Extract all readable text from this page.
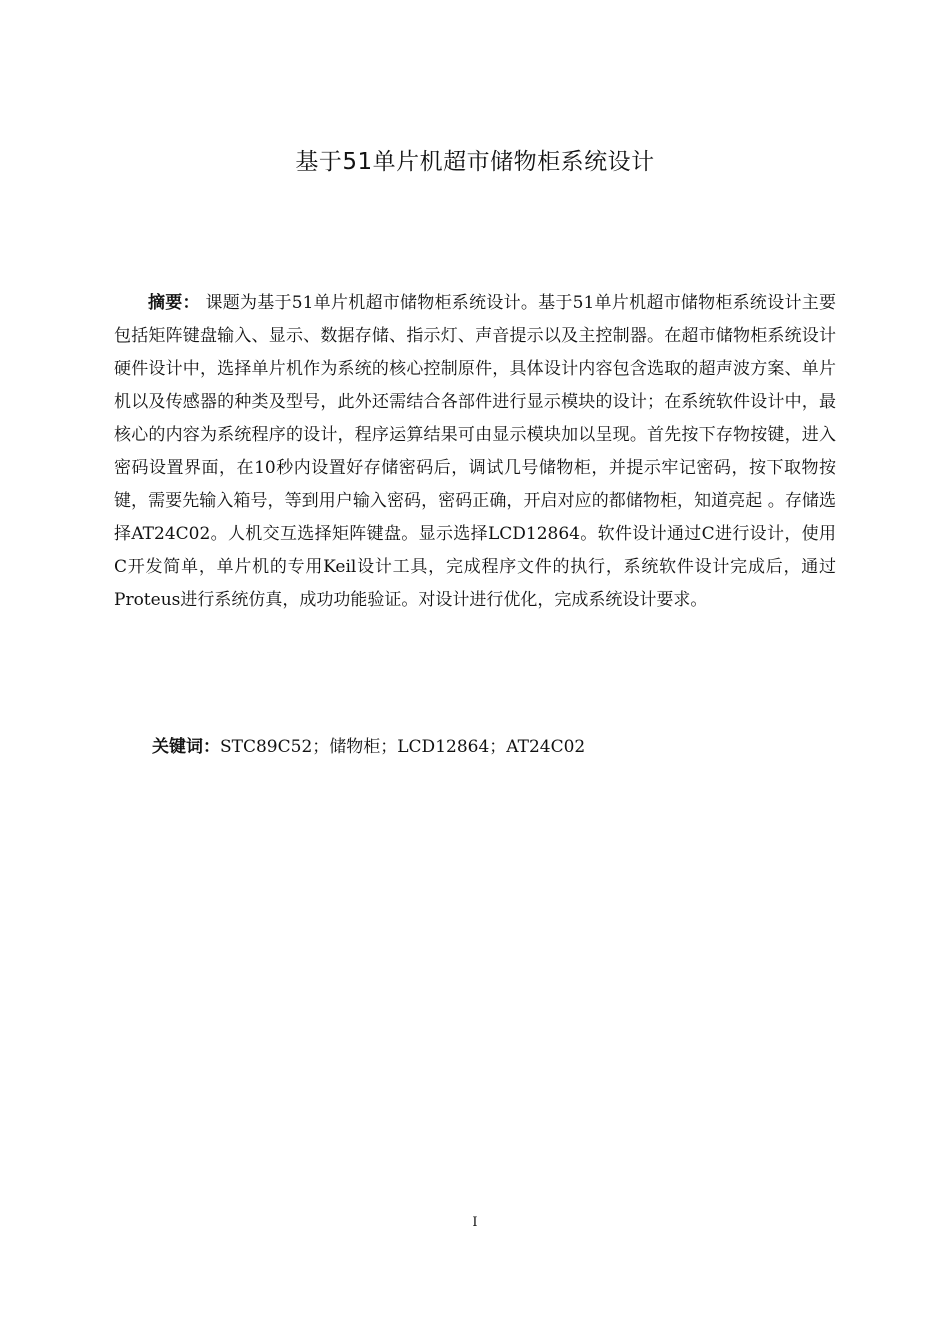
基于51单片机超市储物柜系统设计

摘要： 课题为基于51单片机超市储物柜系统设计。基于51单片机超市储物柜系统设计主要包括矩阵键盘输入、显示、数据存储、指示灯、声音提示以及主控制器。在超市储物柜系统设计硬件设计中，选择单片机作为系统的核心控制原件，具体设计内容包含选取的超声波方案、单片机以及传感器的种类及型号，此外还需结合各部件进行显示模块的设计；在系统软件设计中，最核心的内容为系统程序的设计，程序运算结果可由显示模块加以呈现。首先按下存物按键，进入密码设置界面，在10秒内设置好存储密码后，调试几号储物柜，并提示牢记密码，按下取物按键，需要先输入箱号，等到用户输入密码，密码正确，开启对应的都储物柜，知道亮起 。存储选择AT24C02。人机交互选择矩阵键盘。显示选择LCD12864。软件设计通过C进行设计，使用C开发简单，单片机的专用Keil设计工具，完成程序文件的执行，系统软件设计完成后，通过Proteus进行系统仿真，成功功能验证。对设计进行优化，完成系统设计要求。

关键词：STC89C52；储物柜；LCD12864；AT24C02

I
